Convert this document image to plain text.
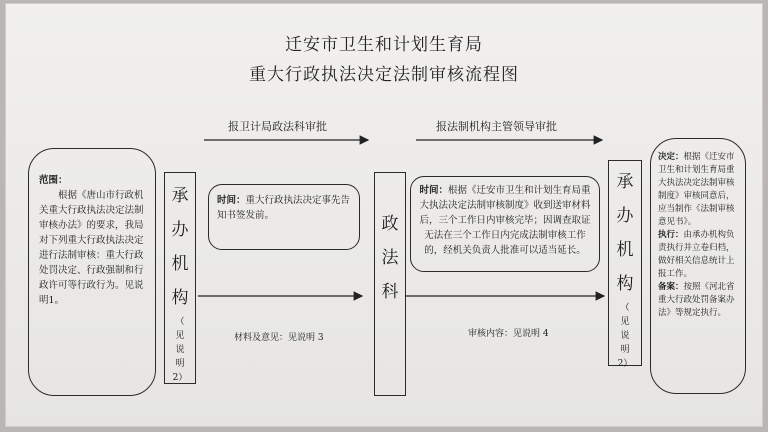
迁安市卫生和计划生育局
重大行政执法决定法制审核流程图
报卫计局政法科审批	报法制机构主管领导审批
材料及意见：见说明 3	审核内容：见说明 4

范围：

根据《唐山市行政机关重大行政执法决定法制审核办法》的要求，我局对下列重大行政执法决定进行法制审核：重大行政处罚决定、行政强制和行政许可等行政行为。见说明1。

承
办
机
构
（
见
说
明
2）
时间：重大行政执法决定事先告知书签发前。	政
法
科
时间：根据《迁安市卫生和计划生育局重大执法决定法制审核制度》收到送审材料后，三个工作日内审核完毕；因调查取证无法在三个工作日内完成法制审核工作的，经机关负责人批准可以适当延长。
承
办
机
构
（
见
说
明
2）

决定：根据《迁安市卫生和计划生育局重大执法决定法制审核制度》审核同意后，应当制作《法制审核意见书》。

执行：由承办机构负责执行并立卷归档，做好相关信息统计上报工作。

备案：按照《河北省重大行政处罚备案办法》等规定执行。
